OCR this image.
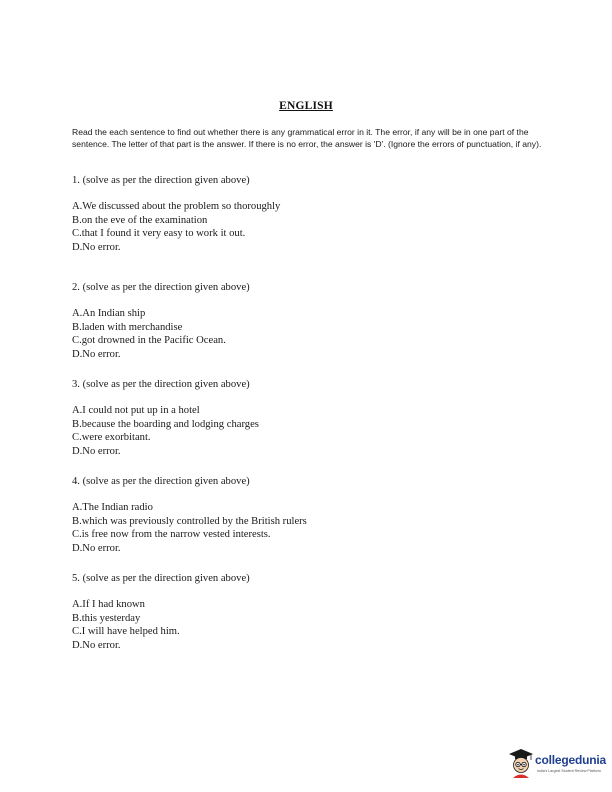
ENGLISH
Read the each sentence to find out whether there is any grammatical error in it. The error, if any will be in one part of the sentence. The letter of that part is the answer. If there is no error, the answer is 'D'. (Ignore the errors of punctuation, if any).
1. (solve as per the direction given above)
A.We discussed about the problem so thoroughly
B.on the eve of the examination
C.that I found it very easy to work it out.
D.No error.
2. (solve as per the direction given above)
A.An Indian ship
B.laden with merchandise
C.got drowned in the Pacific Ocean.
D.No error.
3. (solve as per the direction given above)
A.I could not put up in a hotel
B.because the boarding and lodging charges
C.were exorbitant.
D.No error.
4. (solve as per the direction given above)
A.The Indian radio
B.which was previously controlled by the British rulers
C.is free now from the narrow vested interests.
D.No error.
5. (solve as per the direction given above)
A.If I had known
B.this yesterday
C.I will have helped him.
D.No error.
collegedunia
India's Largest Student Review Platform
